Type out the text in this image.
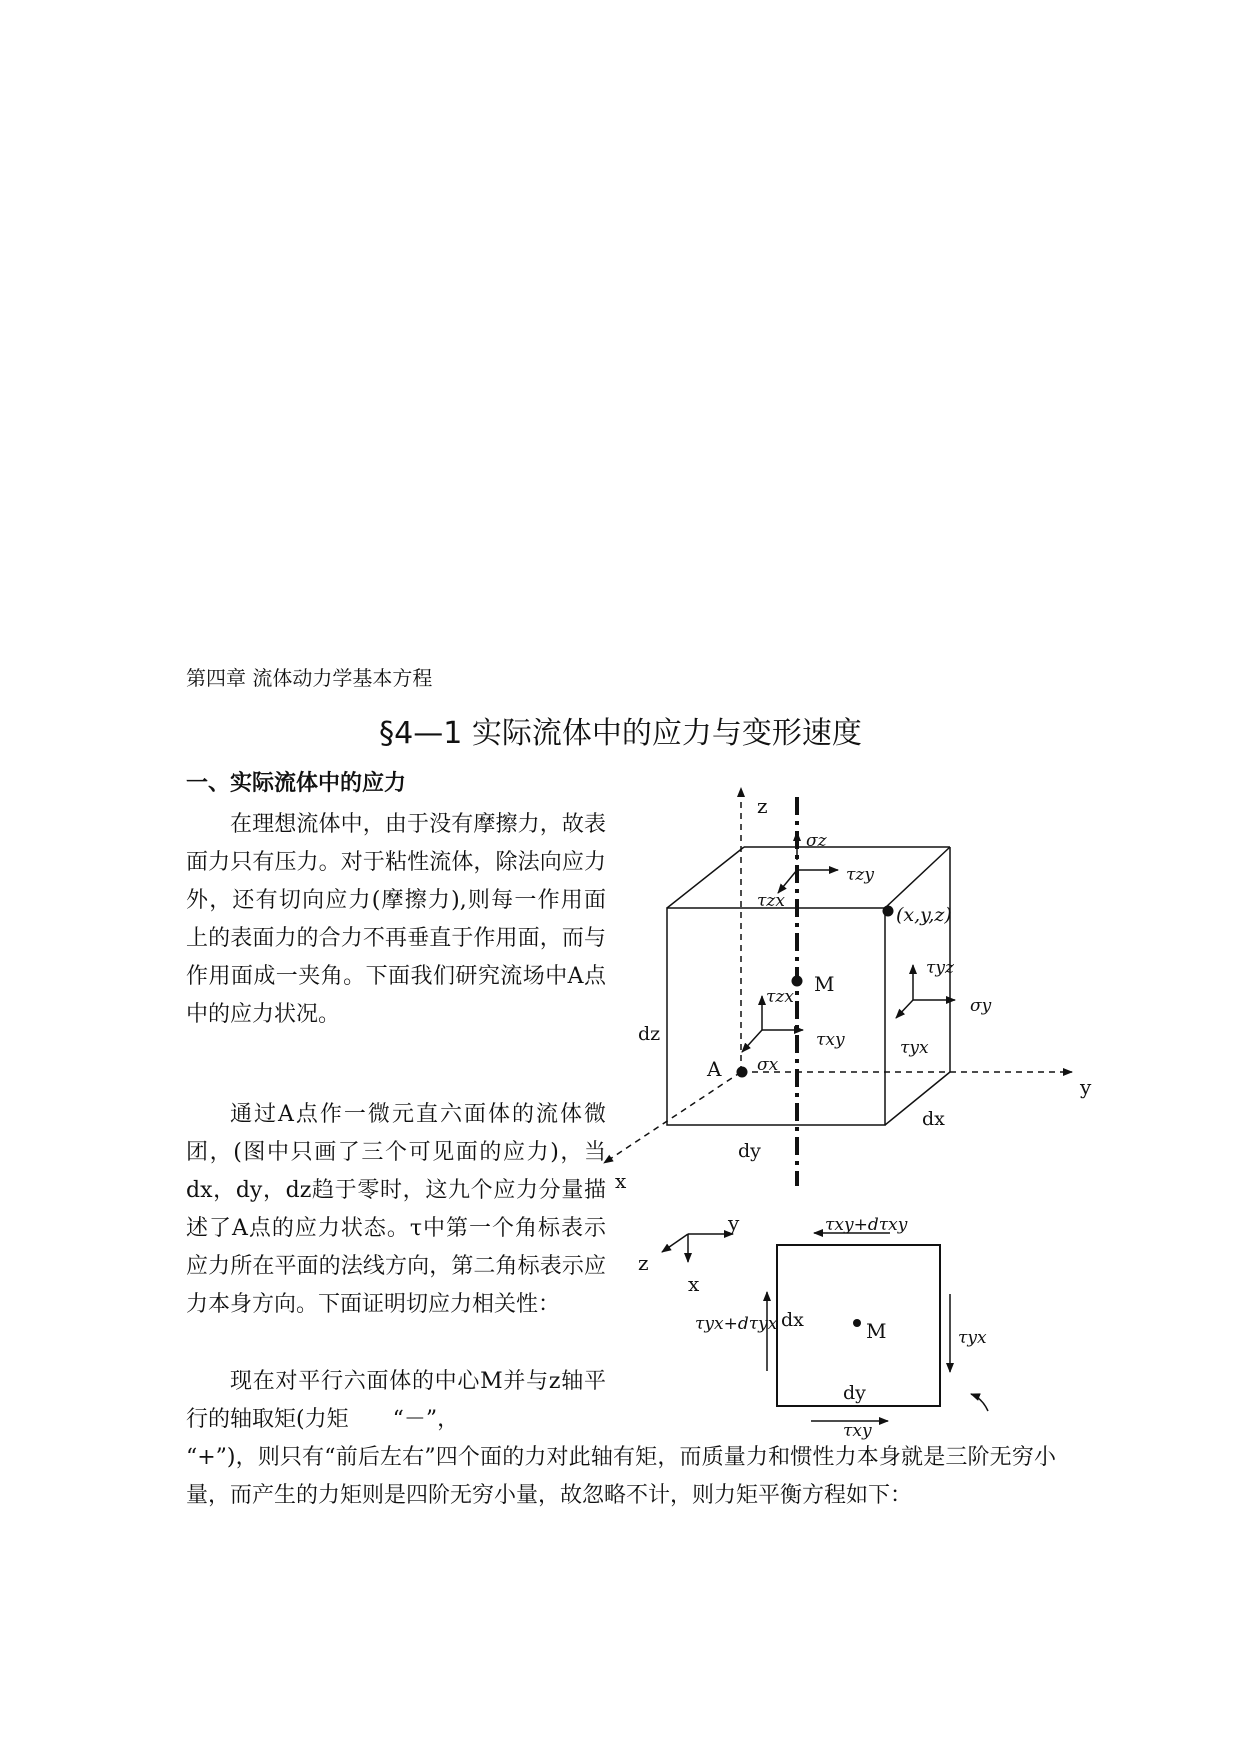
第四章 流体动力学基本方程
§4—1 实际流体中的应力与变形速度
一、实际流体中的应力

在理想流体中，由于没有摩擦力，故表面力只有压力。对于粘性流体，除法向应力外，还有切向应力(摩擦力),则每一作用面上的表面力的合力不再垂直于作用面，而与作用面成一夹角。下面我们研究流场中A点中的应力状况。

通过A点作一微元直六面体的流体微团，(图中只画了三个可见面的应力)，当dx，dy，dz趋于零时，这九个应力分量描述了A点的应力状态。τ中第一个角标表示应力所在平面的法线方向，第二角标表示应力本身方向。下面证明切应力相关性：

现在对平行六面体的中心M并与z轴平行的轴取矩(力矩　　“－”，

“+”)，则只有“前后左右”四个面的力对此轴有矩，而质量力和惯性力本身就是三阶无穷小量，而产生的力矩则是四阶无穷小量，故忽略不计，则力矩平衡方程如下：

z
y
x
σz
τzy
τzx
(x,y,z)
M
τyz
σy
τyx
τzx
τxy
σx
A
dz
dx
dy
y
z
x
τxy+dτxy
τyx+dτyx dx	M	τyx
dy
τxy
